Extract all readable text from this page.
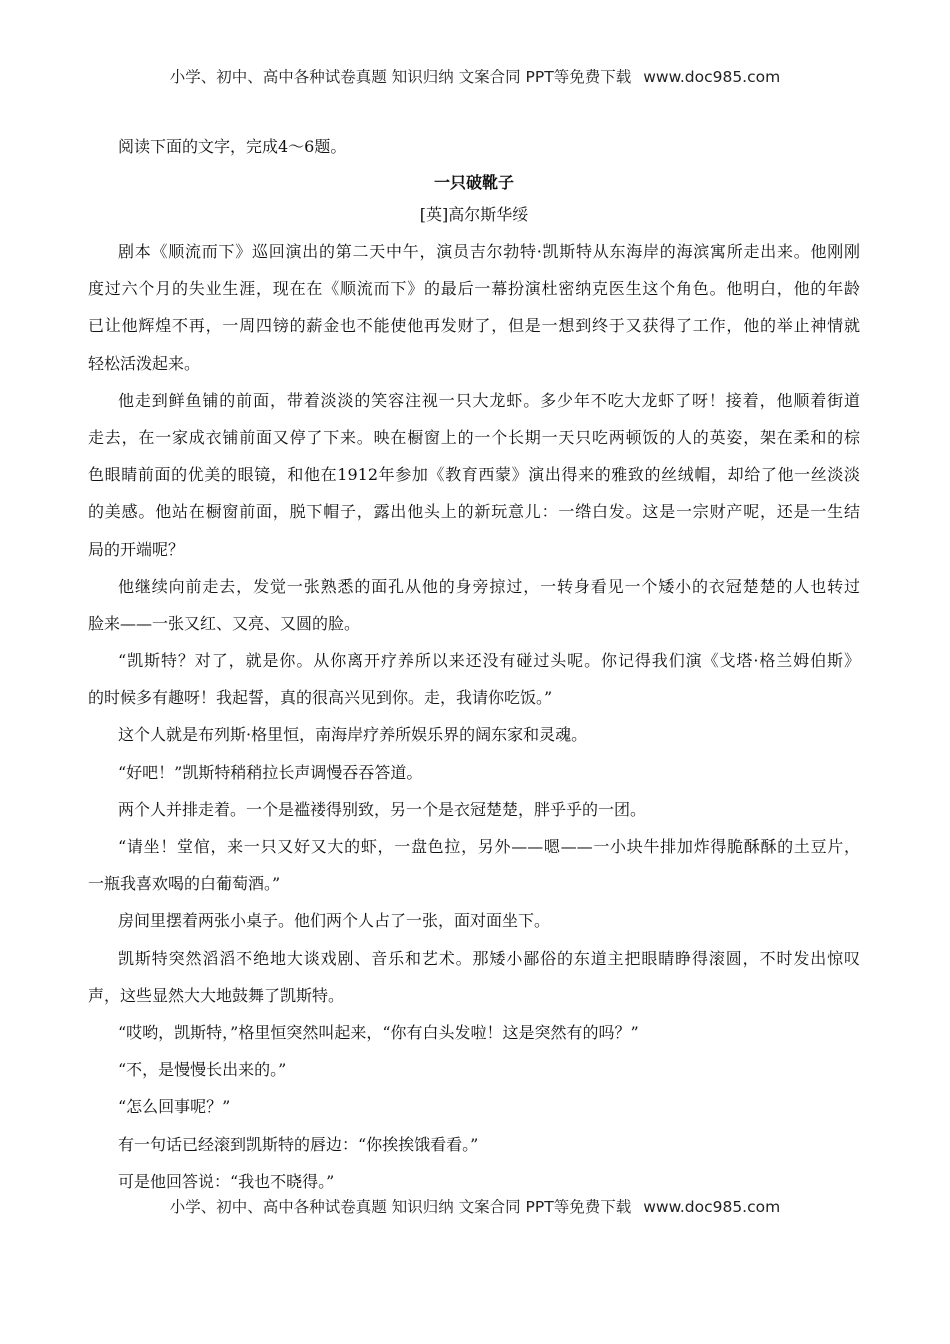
小学、初中、高中各种试卷真题 知识归纳 文案合同 PPT等免费下载 www.doc985.com

阅读下面的文字，完成4～6题。

一只破靴子
[英]高尔斯华绥
剧本《顺流而下》巡回演出的第二天中午，演员吉尔勃特·凯斯特从东海岸的海滨寓所走出来。他刚刚
度过六个月的失业生涯，现在在《顺流而下》的最后一幕扮演杜密纳克医生这个角色。他明白，他的年龄
已让他辉煌不再，一周四镑的薪金也不能使他再发财了，但是一想到终于又获得了工作，他的举止神情就
轻松活泼起来。
他走到鲜鱼铺的前面，带着淡淡的笑容注视一只大龙虾。多少年不吃大龙虾了呀！接着，他顺着街道
走去，在一家成衣铺前面又停了下来。映在橱窗上的一个长期一天只吃两顿饭的人的英姿，架在柔和的棕
色眼睛前面的优美的眼镜，和他在1912年参加《教育西蒙》演出得来的雅致的丝绒帽，却给了他一丝淡淡
的美感。他站在橱窗前面，脱下帽子，露出他头上的新玩意儿：一绺白发。这是一宗财产呢，还是一生结
局的开端呢？
他继续向前走去，发觉一张熟悉的面孔从他的身旁掠过，一转身看见一个矮小的衣冠楚楚的人也转过
脸来——一张又红、又亮、又圆的脸。
“凯斯特？对了，就是你。从你离开疗养所以来还没有碰过头呢。你记得我们演《戈塔·格兰姆伯斯》
的时候多有趣呀！我起誓，真的很高兴见到你。走，我请你吃饭。”
这个人就是布列斯·格里恒，南海岸疗养所娱乐界的阔东家和灵魂。
“好吧！”凯斯特稍稍拉长声调慢吞吞答道。
两个人并排走着。一个是褴褛得别致，另一个是衣冠楚楚，胖乎乎的一团。
“请坐！堂倌，来一只又好又大的虾，一盘色拉，另外——嗯——一小块牛排加炸得脆酥酥的土豆片，
一瓶我喜欢喝的白葡萄酒。”
房间里摆着两张小桌子。他们两个人占了一张，面对面坐下。
凯斯特突然滔滔不绝地大谈戏剧、音乐和艺术。那矮小鄙俗的东道主把眼睛睁得滚圆，不时发出惊叹
声，这些显然大大地鼓舞了凯斯特。
“哎哟，凯斯特，”格里恒突然叫起来，“你有白头发啦！这是突然有的吗？”
“不，是慢慢长出来的。”
“怎么回事呢？”
有一句话已经滚到凯斯特的唇边：“你挨挨饿看看。”
可是他回答说：“我也不晓得。”
小学、初中、高中各种试卷真题 知识归纳 文案合同 PPT等免费下载 www.doc985.com
